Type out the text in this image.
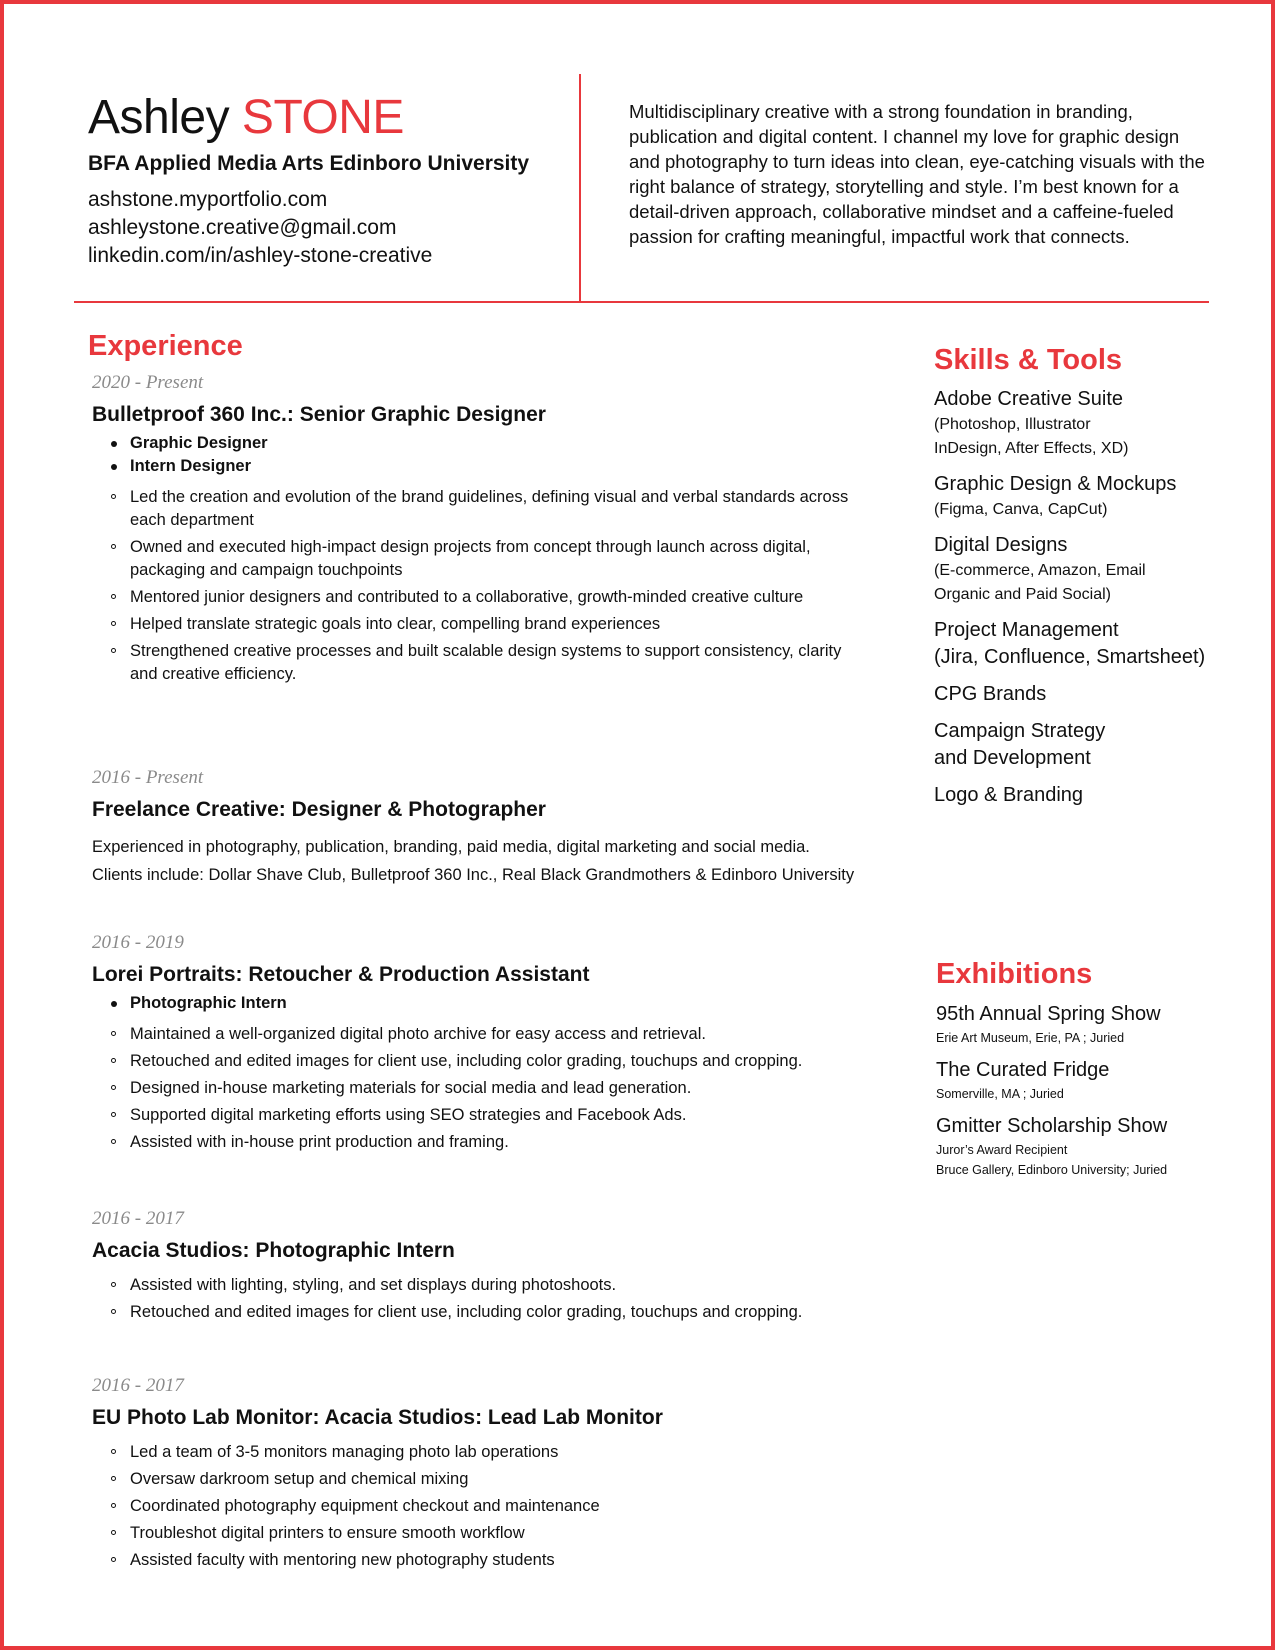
Ashley STONE
BFA Applied Media Arts Edinboro University
ashstone.myportfolio.com
ashleystone.creative@gmail.com
linkedin.com/in/ashley-stone-creative
Multidisciplinary creative with a strong foundation in branding, publication and digital content. I channel my love for graphic design and photography to turn ideas into clean, eye-catching visuals with the right balance of strategy, storytelling and style. I’m best known for a detail-driven approach, collaborative mindset and a caffeine-fueled passion for crafting meaningful, impactful work that connects.
Experience
2020 - Present
Bulletproof 360 Inc.: Senior Graphic Designer
Graphic Designer
Intern Designer
Led the creation and evolution of the brand guidelines, defining visual and verbal standards across each department
Owned and executed high-impact design projects from concept through launch across digital, packaging and campaign touchpoints
Mentored junior designers and contributed to a collaborative, growth-minded creative culture
Helped translate strategic goals into clear, compelling brand experiences
Strengthened creative processes and built scalable design systems to support consistency, clarity and creative efficiency.
2016 - Present
Freelance Creative: Designer & Photographer
Experienced in photography, publication, branding, paid media, digital marketing and social media.
Clients include: Dollar Shave Club, Bulletproof 360 Inc., Real Black Grandmothers & Edinboro University
2016 - 2019
Lorei Portraits: Retoucher & Production Assistant
Photographic Intern
Maintained a well-organized digital photo archive for easy access and retrieval.
Retouched and edited images for client use, including color grading, touchups and cropping.
Designed in-house marketing materials for social media and lead generation.
Supported digital marketing efforts using SEO strategies and Facebook Ads.
Assisted with in-house print production and framing.
2016 - 2017
Acacia Studios: Photographic Intern
Assisted with lighting, styling, and set displays during photoshoots.
Retouched and edited images for client use, including color grading, touchups and cropping.
2016 - 2017
EU Photo Lab Monitor: Acacia Studios: Lead Lab Monitor
Led a team of 3-5 monitors managing photo lab operations
Oversaw darkroom setup and chemical mixing
Coordinated photography equipment checkout and maintenance
Troubleshot digital printers to ensure smooth workflow
Assisted faculty with mentoring new photography students
Skills & Tools
Adobe Creative Suite
(Photoshop, Illustrator
InDesign, After Effects, XD)
Graphic Design & Mockups
(Figma, Canva, CapCut)
Digital Designs
(E-commerce, Amazon, Email
Organic and Paid Social)
Project Management
(Jira, Confluence, Smartsheet)
CPG Brands
Campaign Strategy
and Development
Logo & Branding
Exhibitions
95th Annual Spring Show
Erie Art Museum, Erie, PA ; Juried
The Curated Fridge
Somerville, MA ; Juried
Gmitter Scholarship Show
Juror’s Award Recipient
Bruce Gallery, Edinboro University; Juried
